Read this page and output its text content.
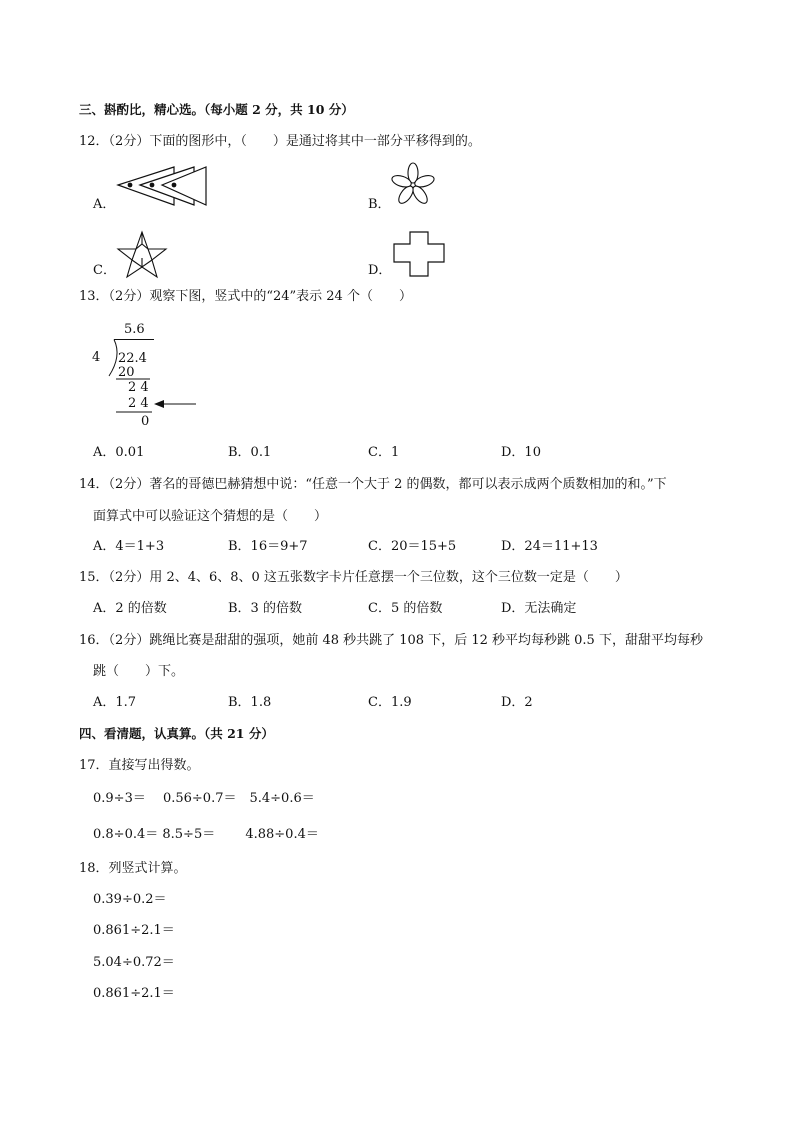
三、斟酌比，精心选。（每小题 2 分，共 10 分）
12．（2分）下面的图形中，（　　）是通过将其中一部分平移得到的。
A．	B．
C．	D．
13．（2分）观察下图，竖式中的“24”表示 24 个（　　）
5.6
4 22.4
20
2 4
2 4
0
A．0.01	B．0.1	C．1	D．10
14．（2分）著名的哥德巴赫猜想中说：“任意一个大于 2 的偶数，都可以表示成两个质数相加的和。”下
面算式中可以验证这个猜想的是（　　）
A．4＝1+3	B．16＝9+7	C．20＝15+5	D．24＝11+13
15．（2分）用 2、4、6、8、0 这五张数字卡片任意摆一个三位数，这个三位数一定是（　　）
A．2 的倍数	B．3 的倍数	C．5 的倍数	D．无法确定
16．（2分）跳绳比赛是甜甜的强项，她前 48 秒共跳了 108 下，后 12 秒平均每秒跳 0.5 下，甜甜平均每秒
跳（　　）下。
A．1.7	B．1.8	C．1.9	D．2
四、看清题，认真算。（共 21 分）
17．直接写出得数。
0.9÷3＝　 0.56÷0.7＝　5.4÷0.6＝
0.8÷0.4＝ 8.5÷5＝　　 4.88÷0.4＝
18．列竖式计算。
0.39÷0.2＝
0.861÷2.1＝
5.04÷0.72＝
0.861÷2.1＝
